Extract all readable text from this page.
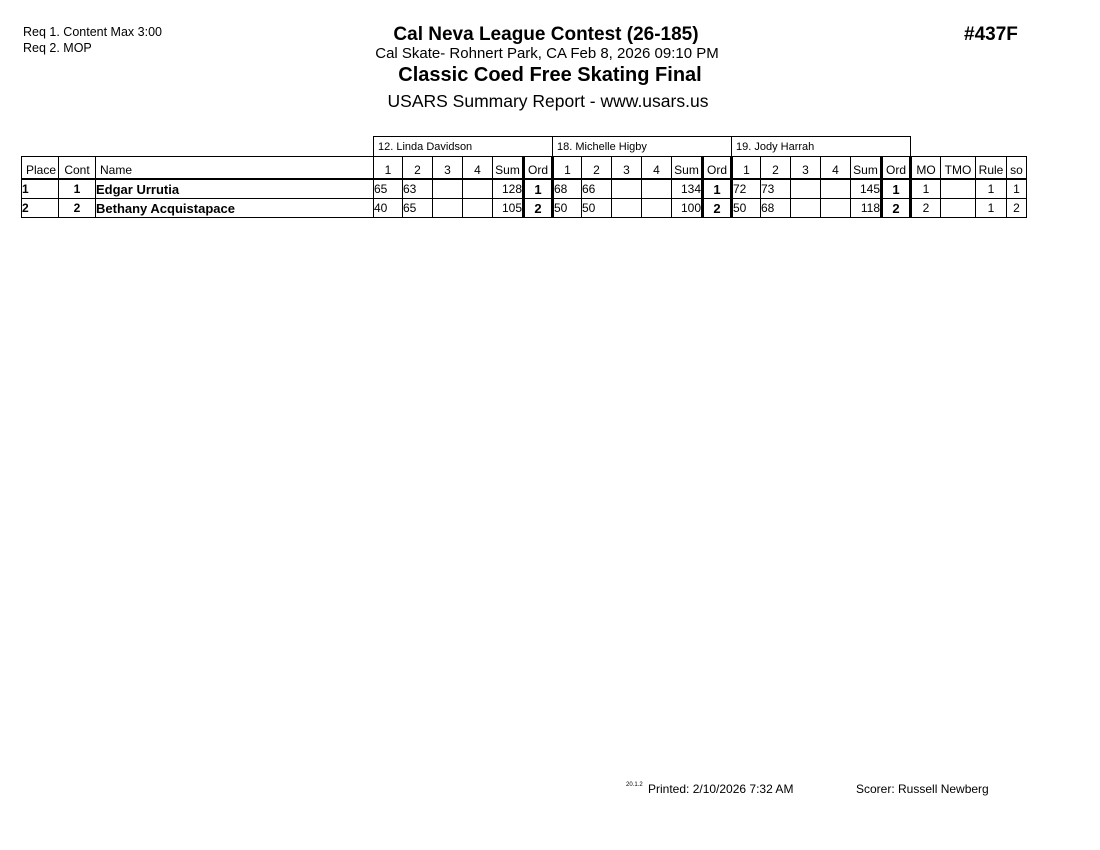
Req 1. Content Max 3:00
Req 2. MOP
Cal Neva League Contest (26-185)
Cal Skate- Rohnert Park, CA Feb 8, 2026 09:10 PM
Classic Coed Free Skating Final
USARS Summary Report - www.usars.us
#437F
			12. Linda Davidson						18. Michelle Higby						19. Jody Harrah									
Place	Cont	Name	1	2	3	4	Sum	Ord	1	2	3	4	Sum	Ord	1	2	3	4	Sum	Ord	MO	TMO	Rule	so
1	1	Edgar Urrutia	65	63			128	1	68	66			134	1	72	73			145	1	1		1	1
2	2	Bethany Acquistapace	40	65			105	2	50	50			100	2	50	68			118	2	2		1	2
20.1.2 Printed: 2/10/2026 7:32 AM	Scorer: Russell Newberg
